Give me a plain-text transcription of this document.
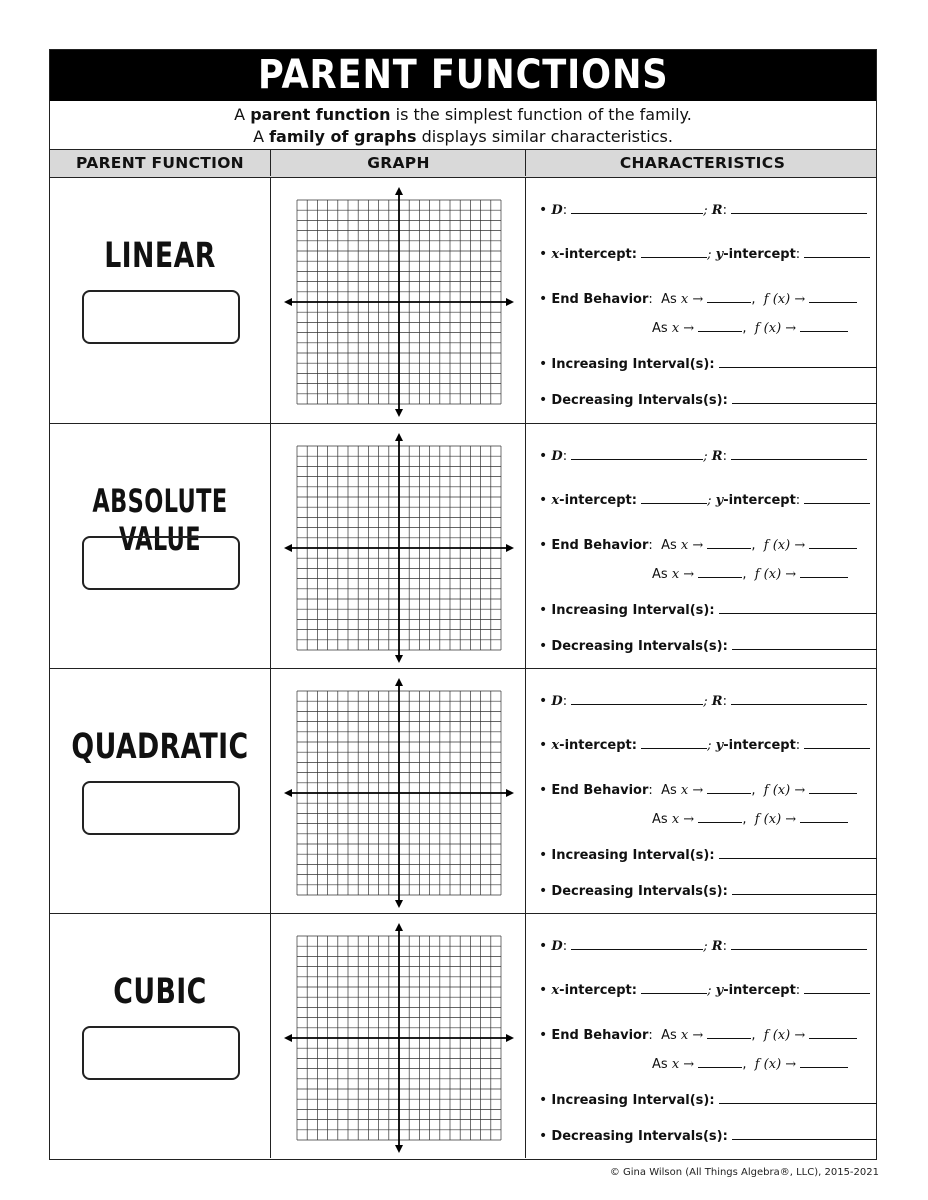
PARENT FUNCTIONS
A parent function is the simplest function of the family.
A family of graphs displays similar characteristics.
PARENT FUNCTION	GRAPH	CHARACTERISTICS
LINEAR
• D:	; R:
• x-intercept:	; y-intercept:
• End Behavior: As x →	, f (x) →
As x →	, f (x) →
• Increasing Interval(s):
• Decreasing Intervals(s):
ABSOLUTE VALUE
• D:	; R:
• x-intercept:	; y-intercept:
• End Behavior: As x →	, f (x) →
As x →	, f (x) →
• Increasing Interval(s):
• Decreasing Intervals(s):
QUADRATIC
• D:	; R:
• x-intercept:	; y-intercept:
• End Behavior: As x →	, f (x) →
As x →	, f (x) →
• Increasing Interval(s):
• Decreasing Intervals(s):
CUBIC
• D:	; R:
• x-intercept:	; y-intercept:
• End Behavior: As x →	, f (x) →
As x →	, f (x) →
• Increasing Interval(s):
• Decreasing Intervals(s):
© Gina Wilson (All Things Algebra®, LLC), 2015-2021
